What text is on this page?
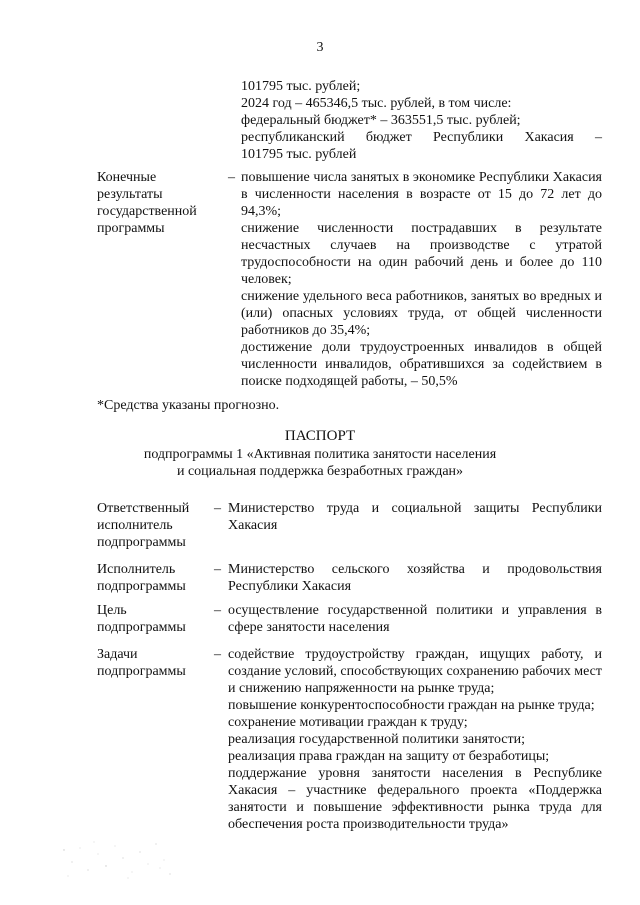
3
101795 тыс. рублей;
2024 год – 465346,5 тыс. рублей, в том числе:
федеральный бюджет* – 363551,5 тыс. рублей;
республиканский бюджет Республики Хакасия –
101795 тыс. рублей
Конечные
результаты
государственной
программы
– повышение числа занятых в экономике Республики Хакасия в численности населения в возрасте от 15 до 72 лет до 94,3%;

снижение численности пострадавших в результате несчастных случаев на производстве с утратой трудоспособности на один рабочий день и более до 110 человек;

снижение удельного веса работников, занятых во вредных и (или) опасных условиях труда, от общей численности работников до 35,4%;

достижение доли трудоустроенных инвалидов в общей численности инвалидов, обратившихся за содействием в поиске подходящей работы, – 50,5%

*Средства указаны прогнозно.
ПАСПОРТ
подпрограммы 1 «Активная политика занятости населения
и социальная поддержка безработных граждан»
Ответственный
исполнитель
подпрограммы
– Министерство труда и социальной защиты Республики Хакасия

Исполнитель
подпрограммы
– Министерство сельского хозяйства и продовольствия Республики Хакасия

Цель
подпрограммы
– осуществление государственной политики и управления в сфере занятости населения

Задачи
подпрограммы
– содействие трудоустройству граждан, ищущих работу, и создание условий, способствующих сохранению рабочих мест и снижению напряженности на рынке труда;

повышение конкурентоспособности граждан на рынке труда;

сохранение мотивации граждан к труду;

реализация государственной политики занятости;

реализация права граждан на защиту от безработицы;

поддержание уровня занятости населения в Республике Хакасия – участнике федерального проекта «Поддержка занятости и повышение эффективности рынка труда для обеспечения роста производительности труда»
